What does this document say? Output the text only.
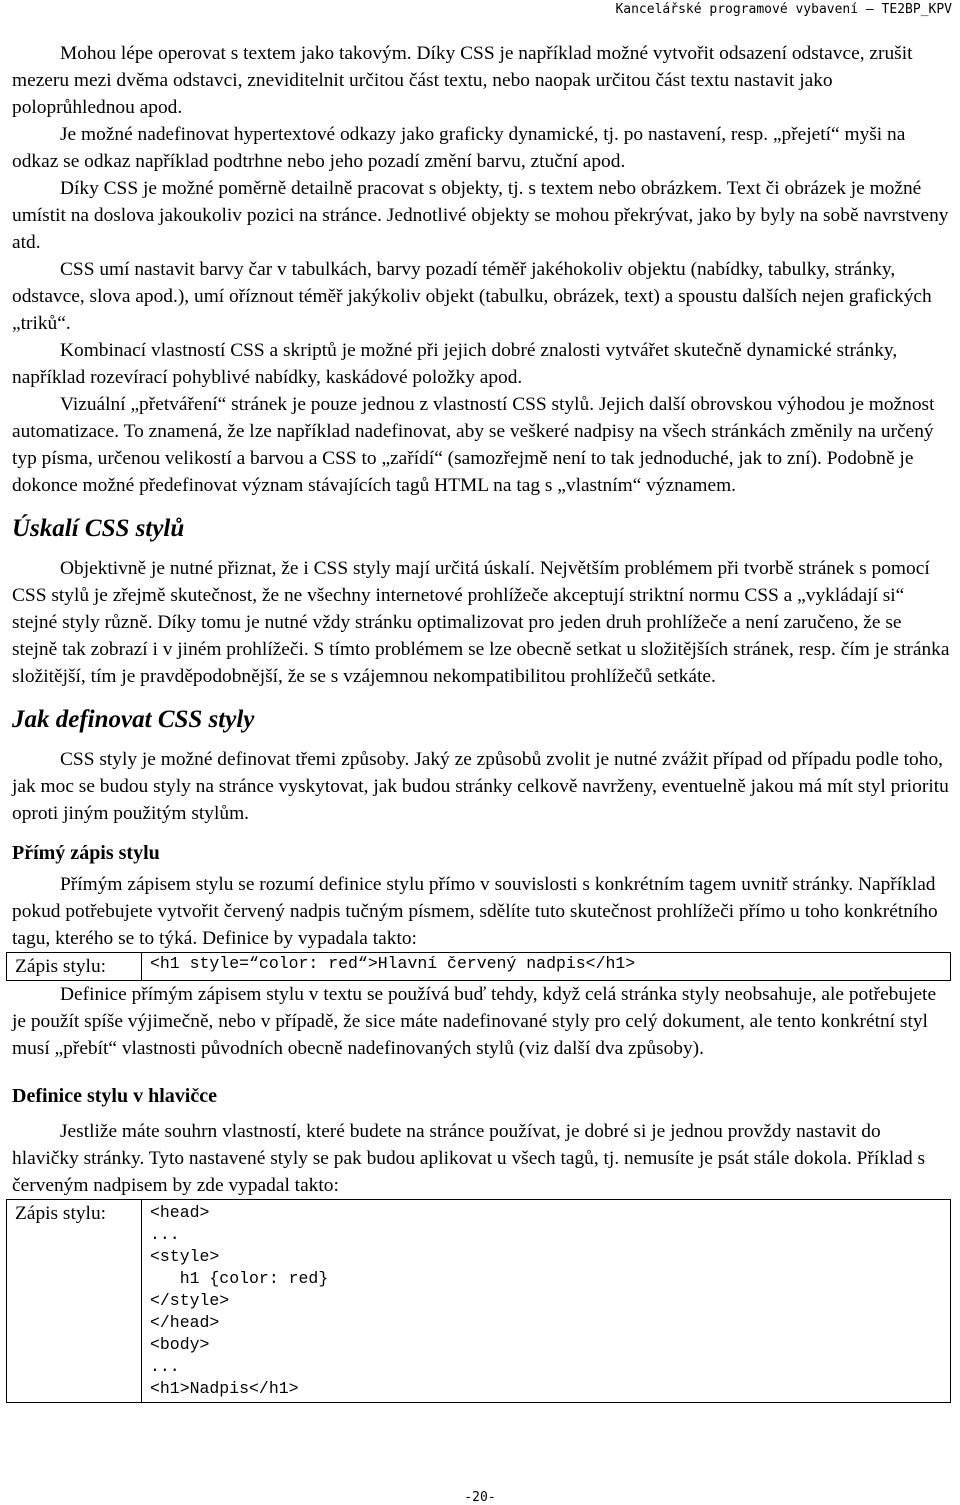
Kancelářské programové vybavení – TE2BP_KPV

Mohou lépe operovat s textem jako takovým. Díky CSS je například možné vytvořit odsazení odstavce, zrušit mezeru mezi dvěma odstavci, zneviditelnit určitou část textu, nebo naopak určitou část textu nastavit jako poloprůhlednou apod.

Je možné nadefinovat hypertextové odkazy jako graficky dynamické, tj. po nastavení, resp. „přejetí“ myši na odkaz se odkaz například podtrhne nebo jeho pozadí změní barvu, ztuční apod.

Díky CSS je možné poměrně detailně pracovat s objekty, tj. s textem nebo obrázkem. Text či obrázek je možné umístit na doslova jakoukoliv pozici na stránce. Jednotlivé objekty se mohou překrývat, jako by byly na sobě navrstveny atd.

CSS umí nastavit barvy čar v tabulkách, barvy pozadí téměř jakéhokoliv objektu (nabídky, tabulky, stránky, odstavce, slova apod.), umí oříznout téměř jakýkoliv objekt (tabulku, obrázek, text) a spoustu dalších nejen grafických „triků“.

Kombinací vlastností CSS a skriptů je možné při jejich dobré znalosti vytvářet skutečně dynamické stránky, například rozevírací pohyblivé nabídky, kaskádové položky apod.

Vizuální „přetváření“ stránek je pouze jednou z vlastností CSS stylů. Jejich další obrovskou výhodou je možnost automatizace. To znamená, že lze například nadefinovat, aby se veškeré nadpisy na všech stránkách změnily na určený typ písma, určenou velikostí a barvou a CSS to „zařídí“ (samozřejmě není to tak jednoduché, jak to zní). Podobně je dokonce možné předefinovat význam stávajících tagů HTML na tag s „vlastním“ významem.

Úskalí CSS stylů

Objektivně je nutné přiznat, že i CSS styly mají určitá úskalí. Největším problémem při tvorbě stránek s pomocí CSS stylů je zřejmě skutečnost, že ne všechny internetové prohlížeče akceptují striktní normu CSS a „vykládají si“ stejné styly různě. Díky tomu je nutné vždy stránku optimalizovat pro jeden druh prohlížeče a není zaručeno, že se stejně tak zobrazí i v jiném prohlížeči. S tímto problémem se lze obecně setkat u složitějších stránek, resp. čím je stránka složitější, tím je pravděpodobnější, že se s vzájemnou nekompatibilitou prohlížečů setkáte.

Jak definovat CSS styly

CSS styly je možné definovat třemi způsoby. Jaký ze způsobů zvolit je nutné zvážit případ od případu podle toho, jak moc se budou styly na stránce vyskytovat, jak budou stránky celkově navrženy, eventuelně jakou má mít styl prioritu oproti jiným použitým stylům.

Přímý zápis stylu

Přímým zápisem stylu se rozumí definice stylu přímo v souvislosti s konkrétním tagem uvnitř stránky. Například pokud potřebujete vytvořit červený nadpis tučným písmem, sdělíte tuto skutečnost prohlížeči přímo u toho konkrétního tagu, kterého se to týká. Definice by vypadala takto:

Zápis stylu:	<h1 style=“color: red“>Hlavní červený nadpis</h1>

Definice přímým zápisem stylu v textu se používá buď tehdy, když celá stránka styly neobsahuje, ale potřebujete je použít spíše výjimečně, nebo v případě, že sice máte nadefinované styly pro celý dokument, ale tento konkrétní styl musí „přebít“ vlastnosti původních obecně nadefinovaných stylů (viz další dva způsoby).

Definice stylu v hlavičce

Jestliže máte souhrn vlastností, které budete na stránce používat, je dobré si je jednou provždy nastavit do hlavičky stránky. Tyto nastavené styly se pak budou aplikovat u všech tagů, tj. nemusíte je psát stále dokola. Příklad s červeným nadpisem by zde vypadal takto:

Zápis stylu:	<head>
...
<style>
h1 {color: red}
</style>
</head>
<body>
...
<h1>Nadpis</h1>
-20-
